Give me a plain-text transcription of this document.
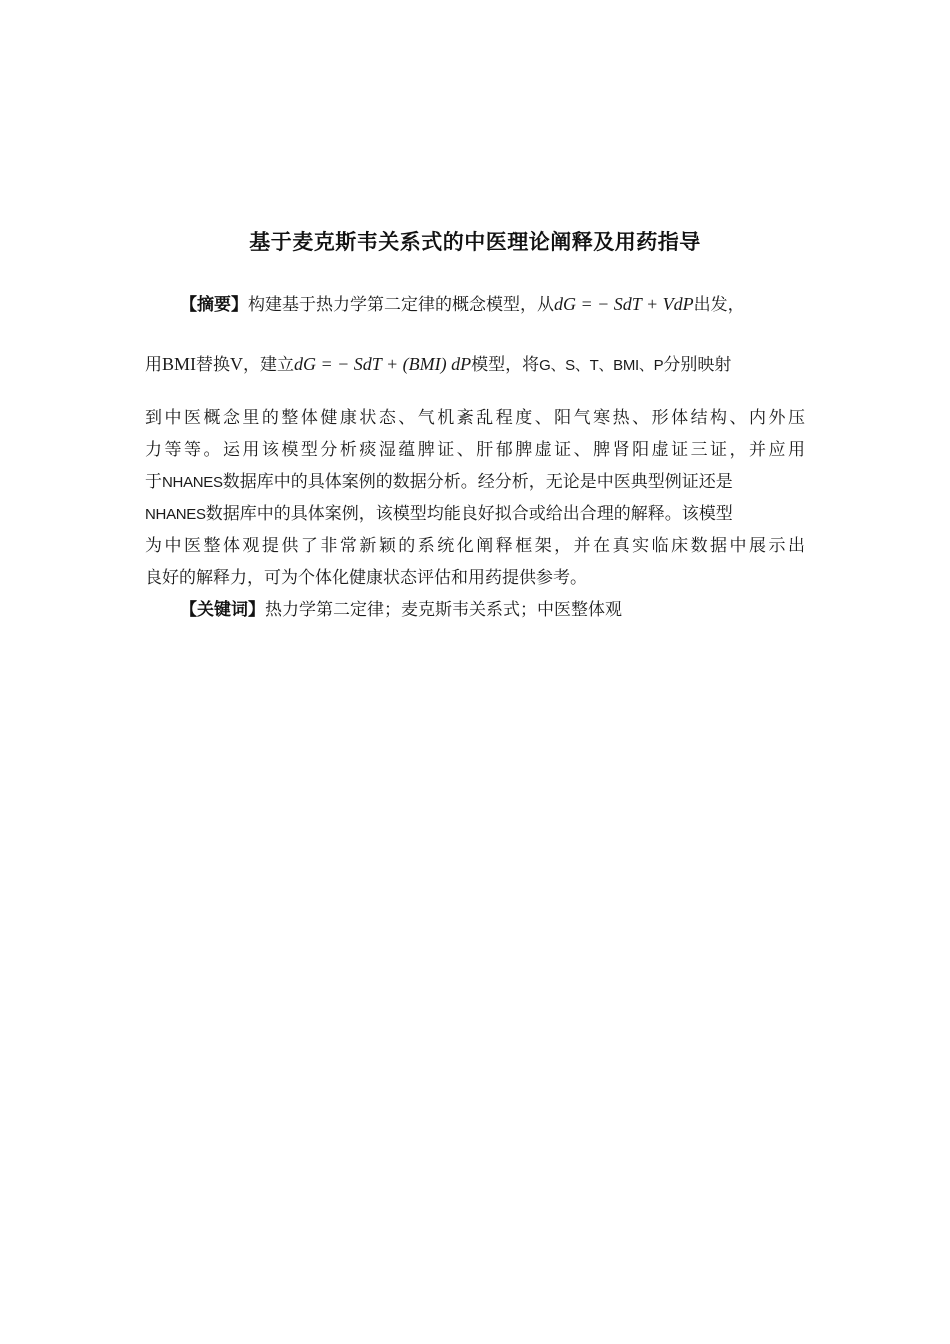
基于麦克斯韦关系式的中医理论阐释及用药指导
【摘要】构建基于热力学第二定律的概念模型，从dG = − SdT + VdP出发，
用BMI替换V，建立dG = − SdT + (BMI) dP模型，将G、S、T、BMI、P分别映射
到中医概念里的整体健康状态、气机紊乱程度、阳气寒热、形体结构、内外压
力等等。运用该模型分析痰湿蕴脾证、肝郁脾虚证、脾肾阳虚证三证，并应用
于NHANES数据库中的具体案例的数据分析。经分析，无论是中医典型例证还是
NHANES数据库中的具体案例，该模型均能良好拟合或给出合理的解释。该模型
为中医整体观提供了非常新颖的系统化阐释框架，并在真实临床数据中展示出
良好的解释力，可为个体化健康状态评估和用药提供参考。
【关键词】热力学第二定律；麦克斯韦关系式；中医整体观
